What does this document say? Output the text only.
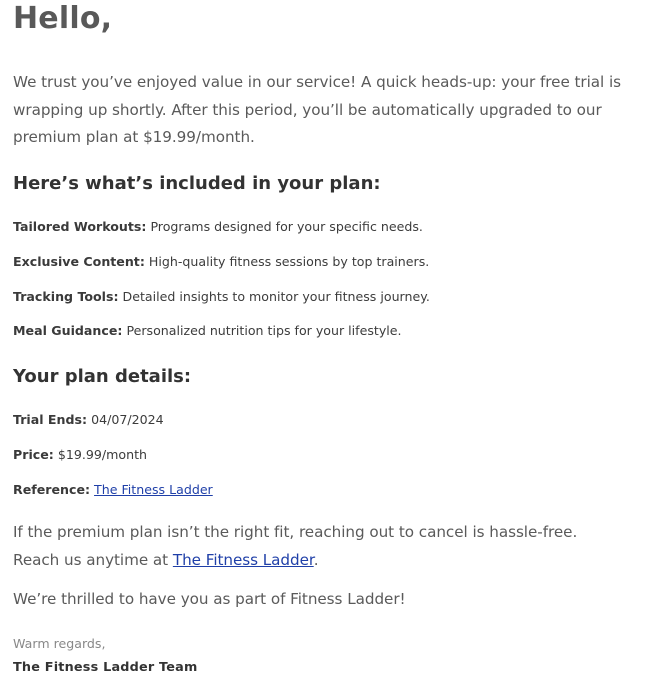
Hello,

We trust you’ve enjoyed value in our service! A quick heads-up: your free trial is wrapping up shortly. After this period, you’ll be automatically upgraded to our premium plan at $19.99/month.

Here’s what’s included in your plan:

Tailored Workouts: Programs designed for your specific needs.

Exclusive Content: High-quality fitness sessions by top trainers.

Tracking Tools: Detailed insights to monitor your fitness journey.

Meal Guidance: Personalized nutrition tips for your lifestyle.

Your plan details:

Trial Ends: 04/07/2024

Price: $19.99/month

Reference: The Fitness Ladder

If the premium plan isn’t the right fit, reaching out to cancel is hassle-free.
Reach us anytime at The Fitness Ladder.

We’re thrilled to have you as part of Fitness Ladder!

Warm regards,

The Fitness Ladder Team
